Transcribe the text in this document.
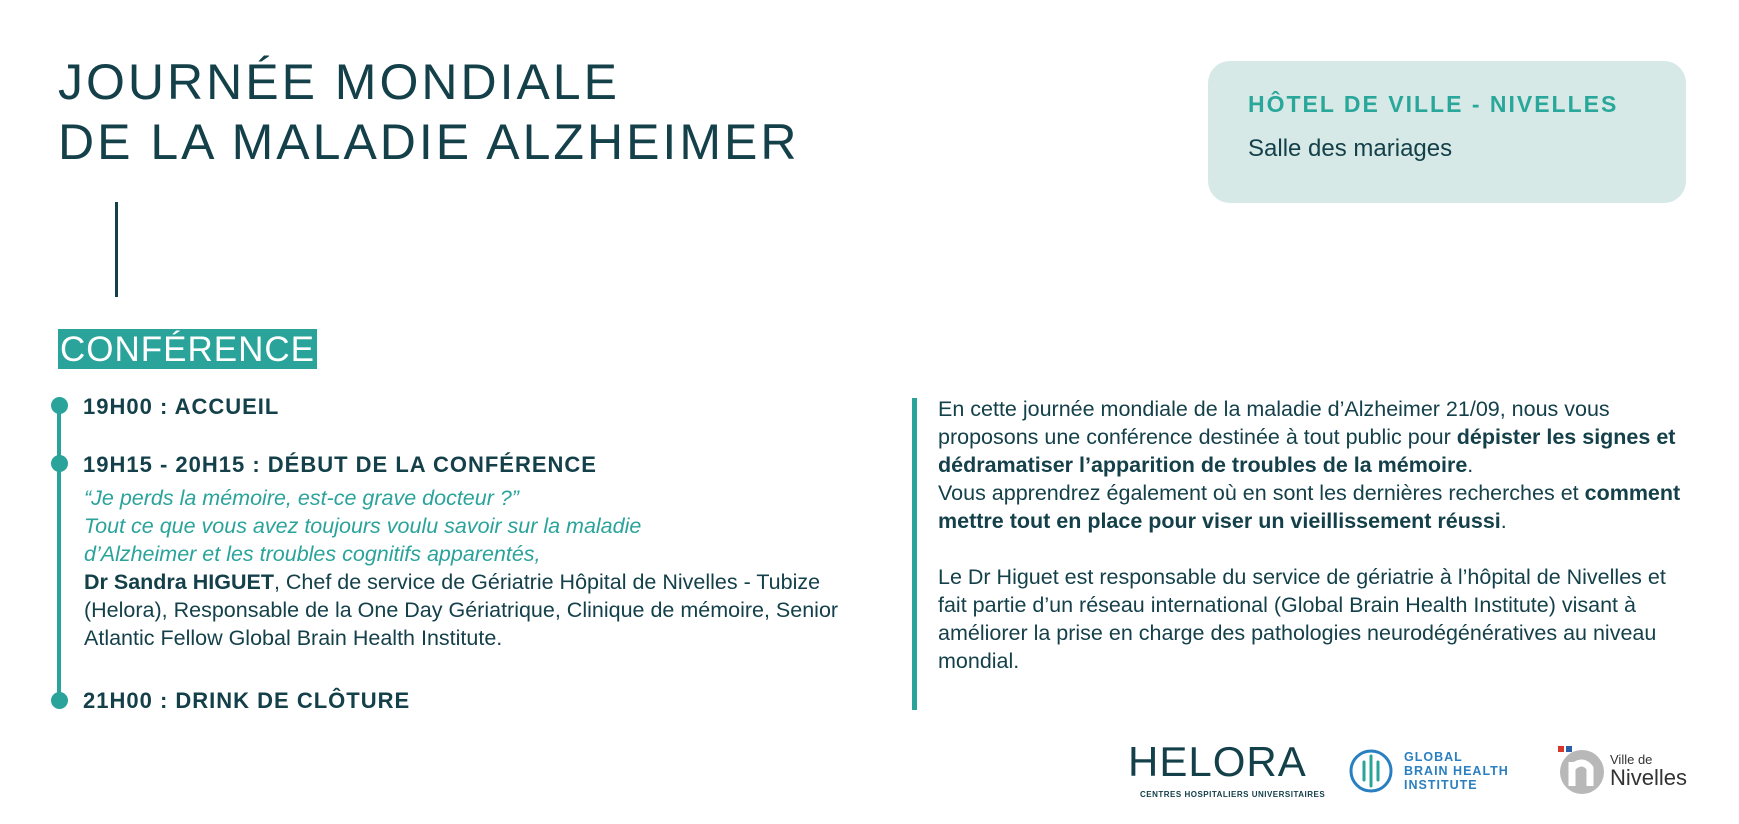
JOURNÉE MONDIALE
DE LA MALADIE ALZHEIMER
HÔTEL DE VILLE - NIVELLES
Salle des mariages
CONFÉRENCE
19H00 : ACCUEIL
19H15 - 20H15 : DÉBUT DE LA CONFÉRENCE
“Je perds la mémoire, est-ce grave docteur ?”
Tout ce que vous avez toujours voulu savoir sur la maladie d’Alzheimer et les troubles cognitifs apparentés,
Dr Sandra HIGUET, Chef de service de Gériatrie Hôpital de Nivelles - Tubize (Helora), Responsable de la One Day Gériatrique, Clinique de mémoire, Senior Atlantic Fellow Global Brain Health Institute.
21H00 : DRINK DE CLÔTURE

En cette journée mondiale de la maladie d’Alzheimer 21/09, nous vous proposons une conférence destinée à tout public pour dépister les signes et dédramatiser l’apparition de troubles de la mémoire.
Vous apprendrez également où en sont les dernières recherches et comment mettre tout en place pour viser un vieillissement réussi.

Le Dr Higuet est responsable du service de gériatrie à l’hôpital de Nivelles et fait partie d’un réseau international (Global Brain Health Institute) visant à améliorer la prise en charge des pathologies neurodégénératives au niveau mondial.

HELORA
CENTRES HOSPITALIERS UNIVERSITAIRES
GLOBAL
BRAIN HEALTH
INSTITUTE
Ville de
Nivelles
